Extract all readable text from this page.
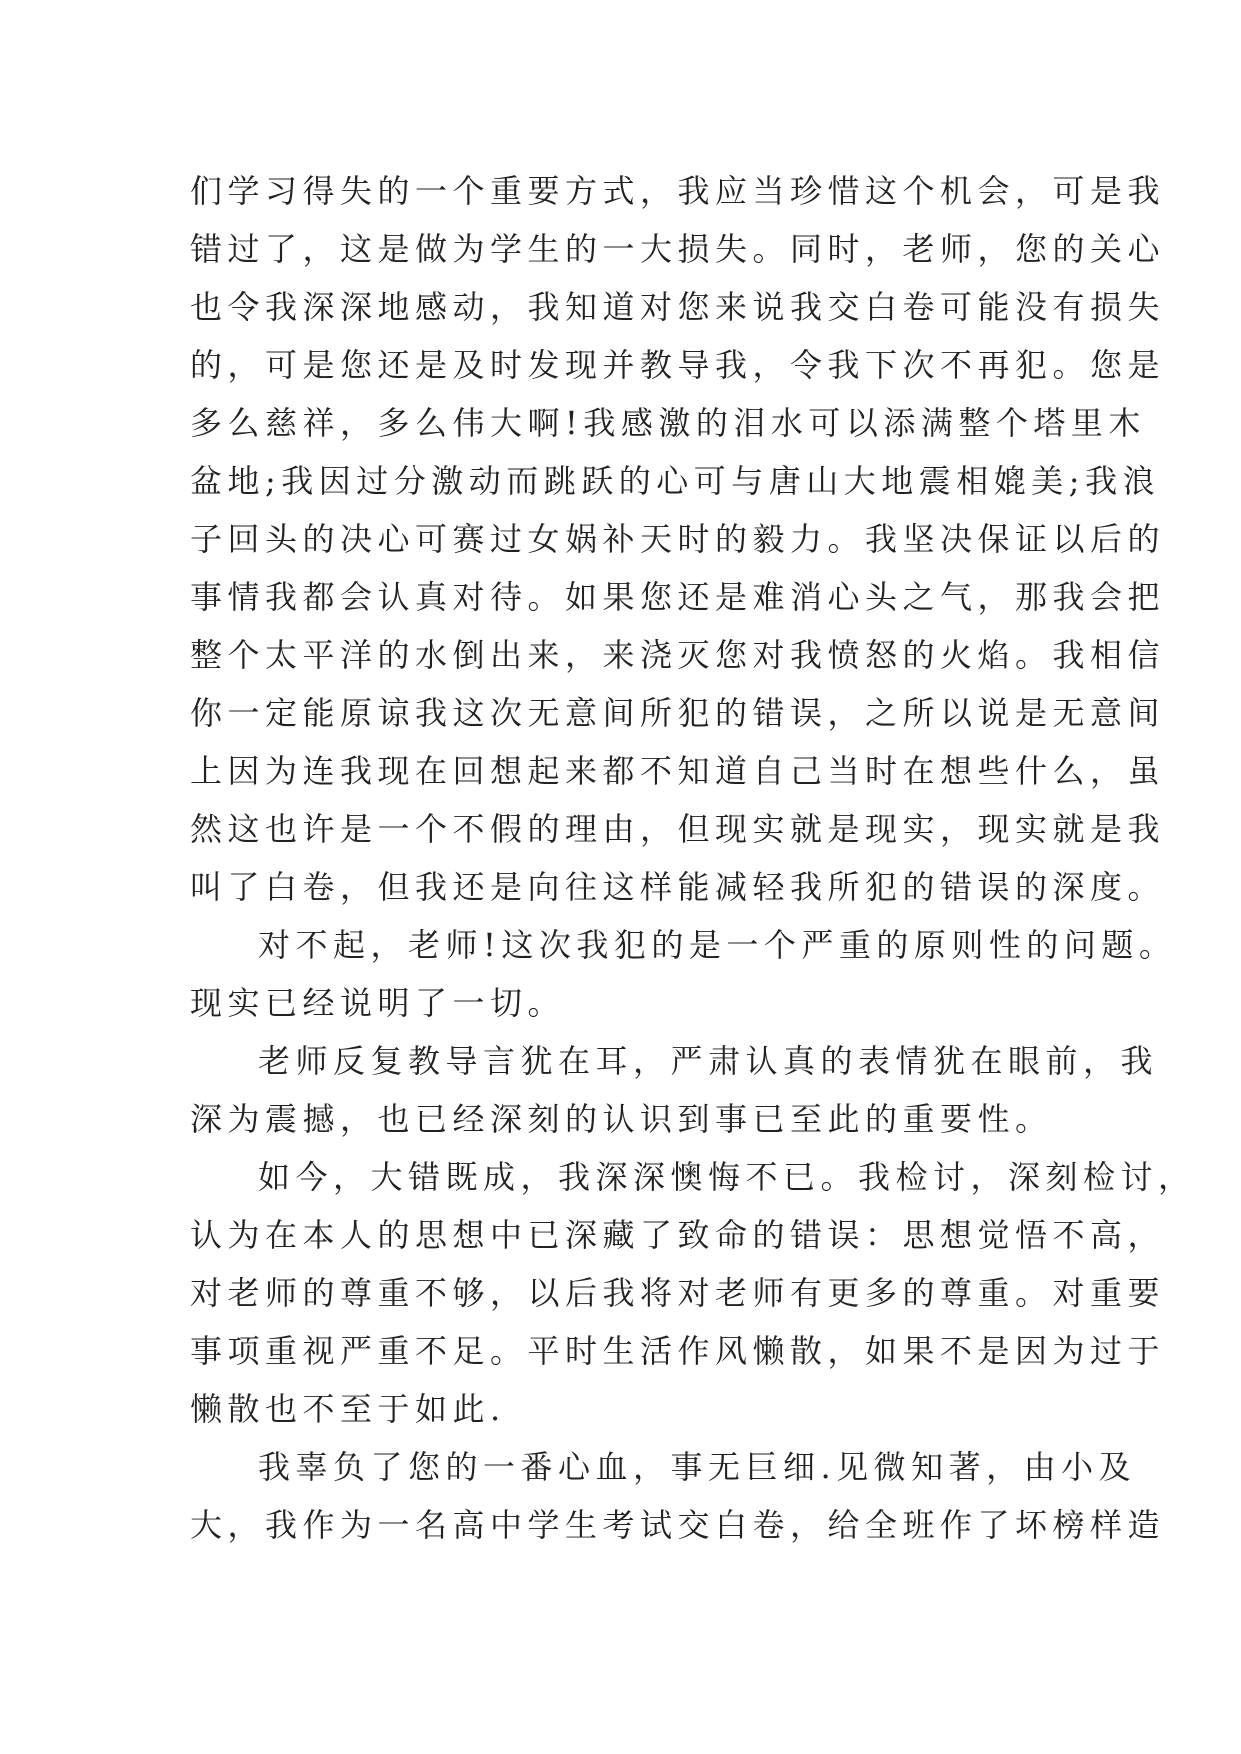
们学习得失的一个重要方式，我应当珍惜这个机会，可是我
错过了，这是做为学生的一大损失。同时，老师，您的关心
也令我深深地感动，我知道对您来说我交白卷可能没有损失
的，可是您还是及时发现并教导我，令我下次不再犯。您是
多么慈祥，多么伟大啊!我感激的泪水可以添满整个塔里木
盆地;我因过分激动而跳跃的心可与唐山大地震相媲美;我浪
子回头的决心可赛过女娲补天时的毅力。我坚决保证以后的
事情我都会认真对待。如果您还是难消心头之气，那我会把
整个太平洋的水倒出来，来浇灭您对我愤怒的火焰。我相信
你一定能原谅我这次无意间所犯的错误，之所以说是无意间
上因为连我现在回想起来都不知道自己当时在想些什么，虽
然这也许是一个不假的理由，但现实就是现实，现实就是我
叫了白卷，但我还是向往这样能减轻我所犯的错误的深度。
对不起，老师!这次我犯的是一个严重的原则性的问题。
现实已经说明了一切。
老师反复教导言犹在耳，严肃认真的表情犹在眼前，我
深为震撼，也已经深刻的认识到事已至此的重要性。
如今，大错既成，我深深懊悔不已。我检讨，深刻检讨，
认为在本人的思想中已深藏了致命的错误：思想觉悟不高，
对老师的尊重不够，以后我将对老师有更多的尊重。对重要
事项重视严重不足。平时生活作风懒散，如果不是因为过于
懒散也不至于如此.
我辜负了您的一番心血，事无巨细.见微知著，由小及
大，我作为一名高中学生考试交白卷，给全班作了坏榜样造
